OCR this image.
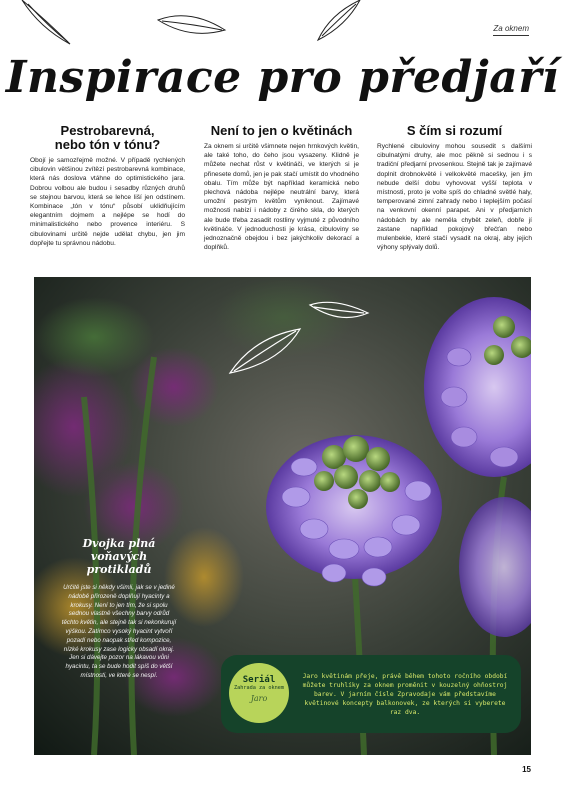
Za oknem
Inspirace pro předjaří
Pestrobarevná,
nebo tón v tónu?

Obojí je samozřejmě možné. V případě rychlených cibulovin většinou zvítězí pestrobarevná kombinace, která nás doslova vtáhne do optimistického jara. Dobrou volbou ale budou i sesadby různých druhů se stejnou barvou, která se lehce liší jen odstínem. Kombinace „tón v tónu“ působí uklidňujícím elegantním dojmem a nejlépe se hodí do minimalistického nebo provence interiéru. S cibulovinami určitě nejde udělat chybu, jen jim dopřejte tu správnou nádobu.

Není to jen o květinách

Za oknem si určitě všimnete nejen hrnkových květin, ale také toho, do čeho jsou vysazeny. Klidně je můžete nechat růst v květináči, ve kterých si je přinesete domů, jen je pak stačí umístit do vhodného obalu. Tím může být například keramická nebo plechová nádoba nejlépe neutrální barvy, která umožní pestrým květům vyniknout. Zajímavé možnosti nabízí i nádoby z čirého skla, do kterých ale bude třeba zasadit rostliny vyjmuté z původního květináče. V jednoduchosti je krása, cibuloviny se jednoznačně obejdou i bez jakýchkoliv dekorací a doplňků.

S čím si rozumí

Rychlené cibuloviny mohou sousedit s dalšími cibulnatými druhy, ale moc pěkně si sednou i s tradiční předjarní prvosenkou. Stejně tak je zajímavé doplnit drobnokvěté i velkokvěté macešky, jen jim nebude delší dobu vyhovovat vyšší teplota v místnosti, proto je volte spíš do chladné světlé haly, temperované zimní zahrady nebo i teplejším počasí na venkovní okenní parapet. Ani v předjarních nádobách by ale neměla chybět zeleň, dobře jí zastane například pokojový břečťan nebo mulenbekie, které stačí vysadit na okraj, aby jejich výhony splývaly dolů.

Dvojka plná voňavých protikladů

Určitě jste si někdy všimli, jak se v jediné nádobě přirozeně doplňují hyacinty a krokusy. Není to jen tím, že si spolu sednou vlastně všechny barvy odrůd těchto květin, ale stejně tak si nekonkurují výškou. Zatímco vysoký hyacint vytvoří pozadí nebo naopak střed kompozice, nízké krokusy zase logicky obsadí okraj. Jen si dávejte pozor na lákavou vůni hyacintu, ta se bude hodit spíš do větší místnosti, ve které se nespí.	Seriál
Zahrada za oknem
Jaro
Jaro květinám přeje, právě během tohoto ročního období můžete truhlíky za oknem proměnit v kouzelný ohňostroj barev. V jarním čísle Zpravodaje vám představíme květinové koncepty balkonovek, ze kterých si vyberete raz dva.
15
